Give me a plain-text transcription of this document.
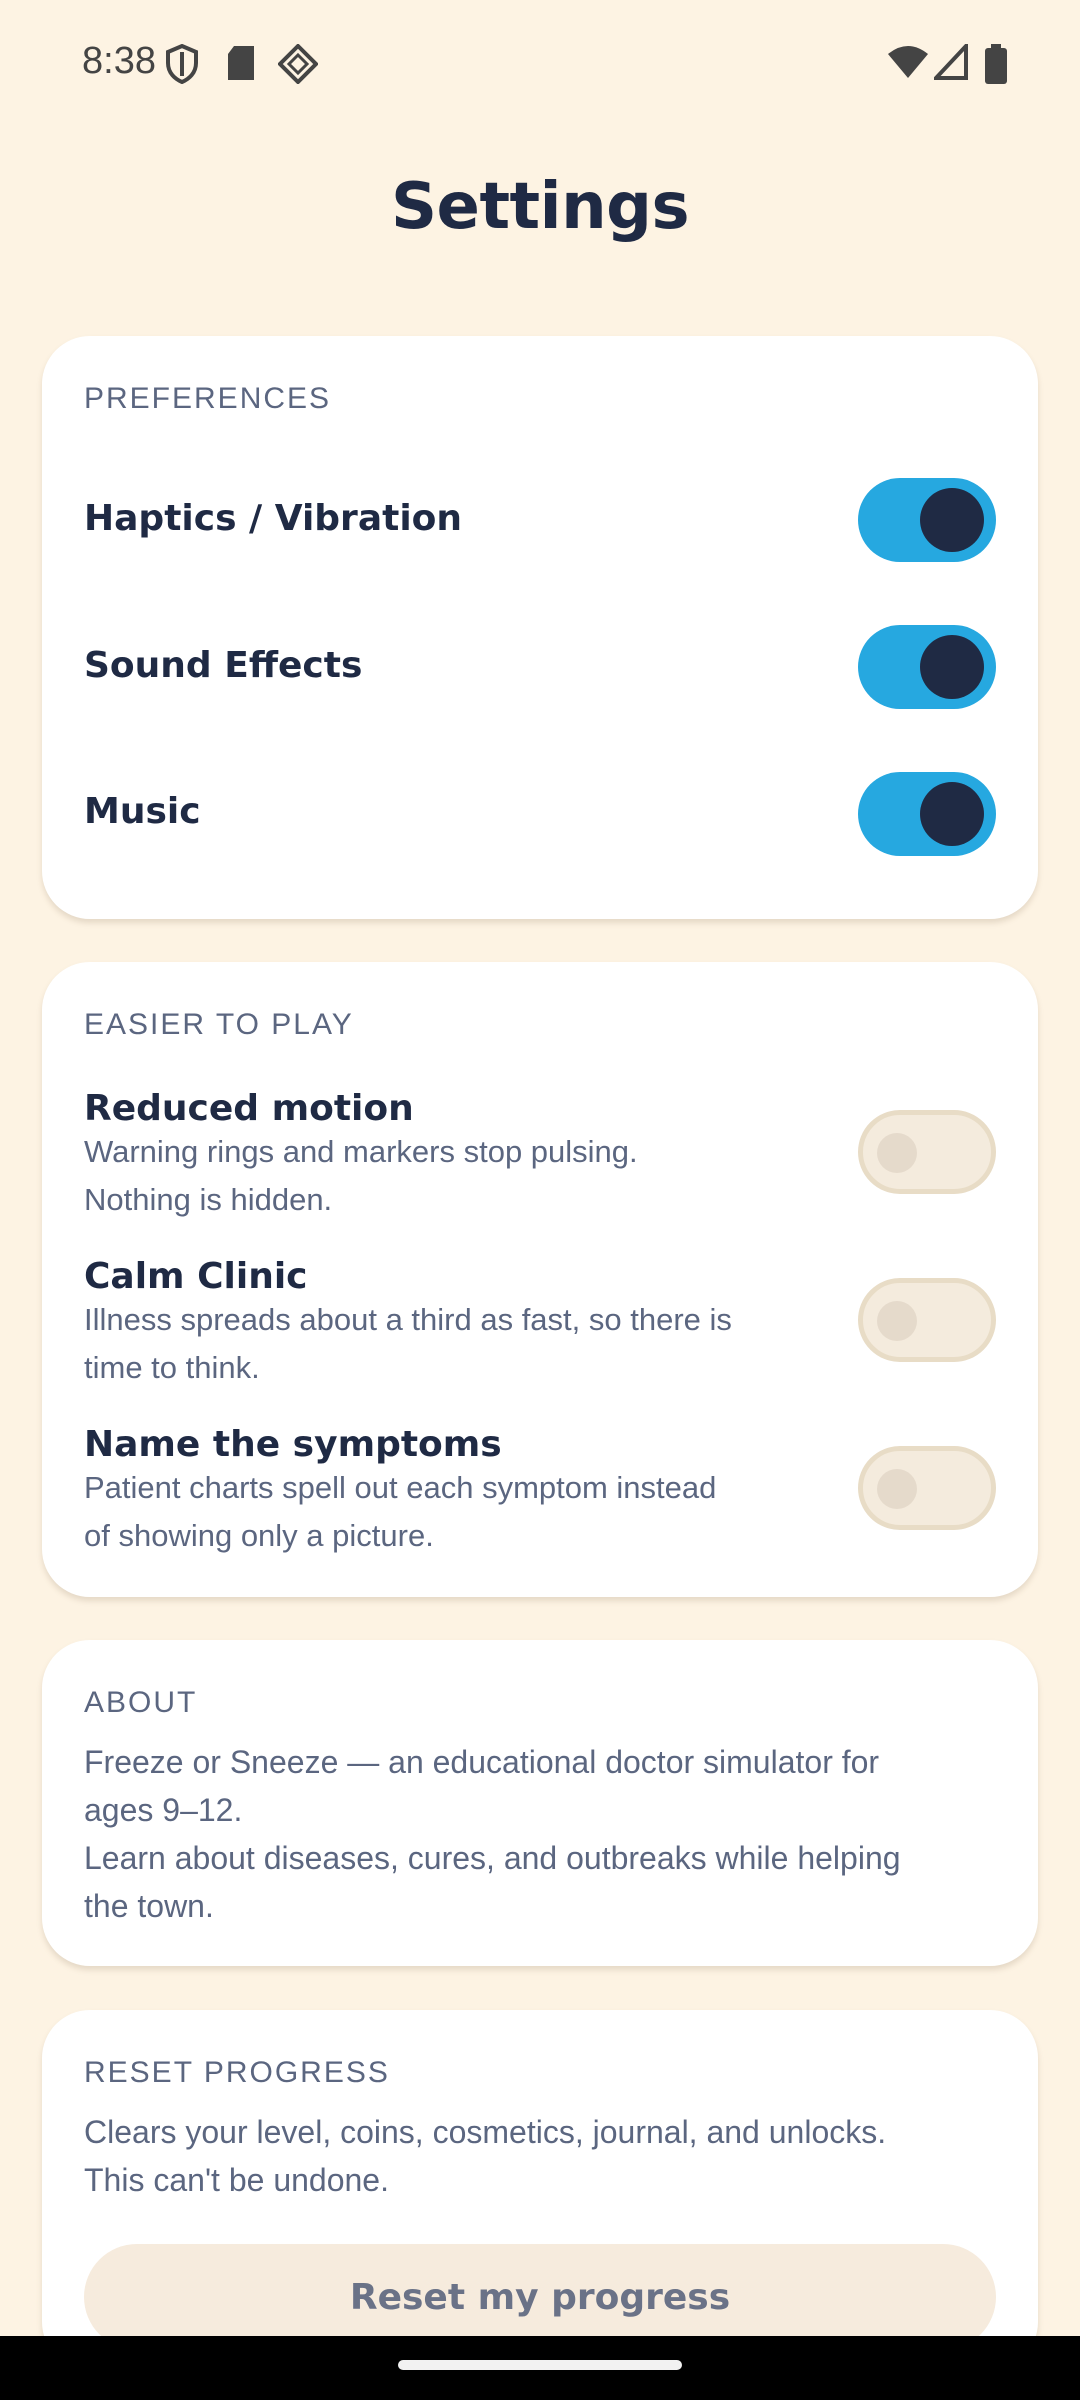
8:38
Settings
PREFERENCES
Haptics / Vibration
Sound Effects
Music
EASIER TO PLAY
Reduced motion
Warning rings and markers stop pulsing.
Nothing is hidden.
Calm Clinic
Illness spreads about a third as fast, so there is
time to think.
Name the symptoms
Patient charts spell out each symptom instead
of showing only a picture.
ABOUT
Freeze or Sneeze — an educational doctor simulator for
ages 9–12.
Learn about diseases, cures, and outbreaks while helping
the town.
RESET PROGRESS
Clears your level, coins, cosmetics, journal, and unlocks.
This can't be undone.
Reset my progress
